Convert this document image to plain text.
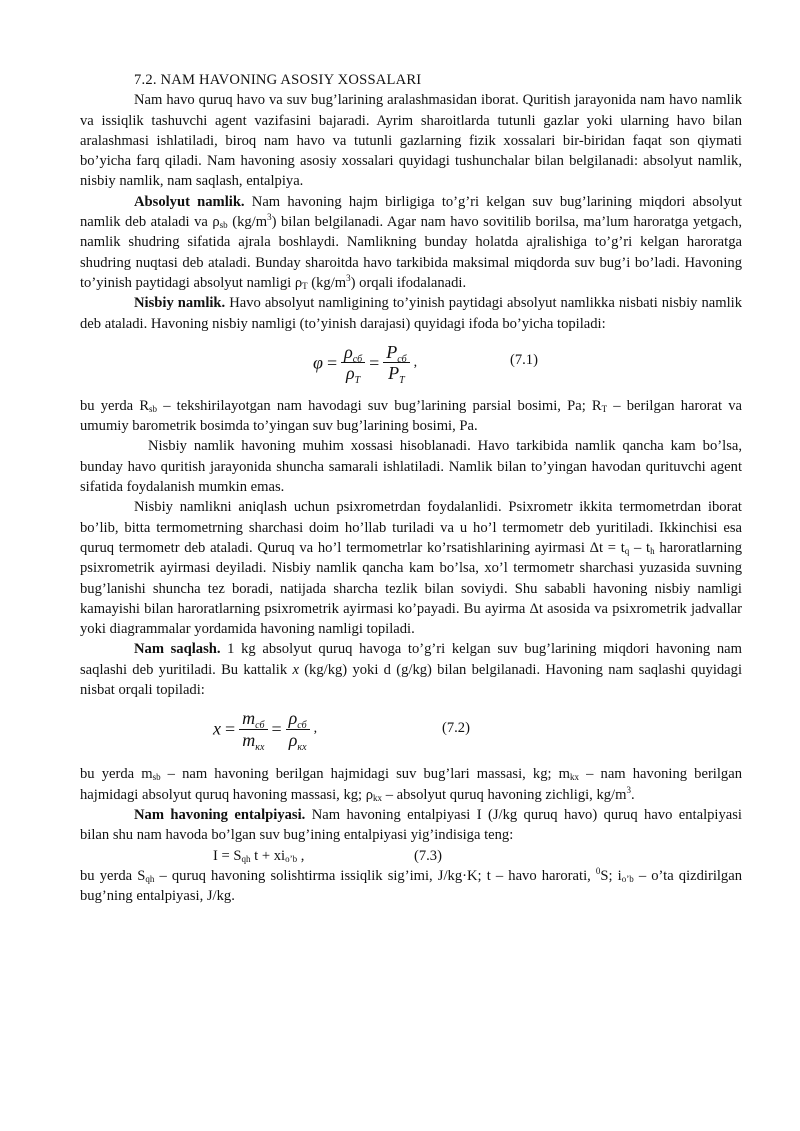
7.2. NAM HAVONING ASOSIY XOSSALARI

Nam havo quruq havo va suv bug’larining aralashmasidan iborat. Quritish jarayonida nam havo namlik va issiqlik tashuvchi agent vazifasini bajaradi. Ayrim sharoitlarda tutunli gazlar yoki ularning havo bilan aralashmasi ishlatiladi, biroq nam havo va tutunli gazlarning fizik xossalari bir-biridan faqat son qiymati bo’yicha farq qiladi. Nam havoning asosiy xossalari quyidagi tushunchalar bilan belgilanadi: absolyut namlik, nisbiy namlik, nam saqlash, entalpiya.

Absolyut namlik. Nam havoning hajm birligiga to’g’ri kelgan suv bug’larining miqdori absolyut namlik deb ataladi va $\rho_{sb}$ $(kg/m^3)$ bilan belgilanadi. Agar nam havo sovitilib borilsa, ma’lum haroratga yetgach, namlik shudring sifatida ajrala boshlaydi. Namlikning bunday holatda ajralishiga to’g’ri kelgan haroratga shudring nuqtasi deb ataladi. Bunday sharoitda havo tarkibida maksimal miqdorda suv bug’i bo’ladi. Havoning to’yinish paytidagi absolyut namligi $\rho_T$ $(kg/m^3)$ orqali ifodalanadi.

Nisbiy namlik. Havo absolyut namligining to’yinish paytidagi absolyut namlikka nisbati nisbiy namlik deb ataladi. Havoning nisbiy namligi (to’yinish darajasi) quyidagi ifoda bo’yicha topiladi:

$\varphi = \frac{\rho_{сб}}{\rho_T} = \frac{P_{сб}}{P_T}$ ,	(7.1)

bu yerda $R_{sb}$ – tekshirilayotgan nam havodagi suv bug’larining parsial bosimi, Pa; $R_T$ – berilgan harorat va umumiy barometrik bosimda to’yingan suv bug’larining bosimi, Pa.

Nisbiy namlik havoning muhim xossasi hisoblanadi. Havo tarkibida namlik qancha kam bo’lsa, bunday havo quritish jarayonida shuncha samarali ishlatiladi. Namlik bilan to’yingan havodan qurituvchi agent sifatida foydalanish mumkin emas.

Nisbiy namlikni aniqlash uchun psixrometrdan foydalanlidi. Psixrometr ikkita termometrdan iborat bo’lib, bitta termometrning sharchasi doim ho’llab turiladi va u ho’l termometr deb yuritiladi. Ikkinchisi esa quruq termometr deb ataladi. Quruq va ho’l termometrlar ko’rsatishlarining ayirmasi $\Delta t = t_q - t_h$ haroratlarning psixrometrik ayirmasi deyiladi. Nisbiy namlik qancha kam bo’lsa, xo’l termometr sharchasi yuzasida suvning bug’lanishi shuncha tez boradi, natijada sharcha tezlik bilan soviydi. Shu sababli havoning nisbiy namligi kamayishi bilan haroratlarning psixrometrik ayirmasi ko’payadi. Bu ayirma Δt asosida va psixrometrik jadvallar yoki diagrammalar yordamida havoning namligi topiladi.

Nam saqlash. 1 kg absolyut quruq havoga to’g’ri kelgan suv bug’larining miqdori havoning nam saqlashi deb yuritiladi. Bu kattalik x (kg/kg) yoki d (g/kg) bilan belgilanadi. Havoning nam saqlashi quyidagi nisbat orqali topiladi:

$x = \frac{m_{сб}}{m_{кх}} = \frac{\rho_{сб}}{\rho_{кх}}$ ,	(7.2)

bu yerda $m_{sb}$ – nam havoning berilgan hajmidagi suv bug’lari massasi, kg; $m_{kx}$ – nam havoning berilgan hajmidagi absolyut quruq havoning massasi, kg; $\rho_{kx}$ – absolyut quruq havoning zichligi, $kg/m^3$.

Nam havoning entalpiyasi. Nam havoning entalpiyasi I (J/kg quruq havo) quruq havo entalpiyasi bilan shu nam havoda bo’lgan suv bug’ining entalpiyasi yig’indisiga teng:

$I = S_{qh}$ $t + xi_{o’b}$ ,	(7.3)

bu yerda $S_{qh}$ – quruq havoning solishtirma issiqlik sig’imi, J/kg·K; t – havo harorati, $^0$S; $i_{o’b}$ – o’ta qizdirilgan bug’ning entalpiyasi, J/kg.
